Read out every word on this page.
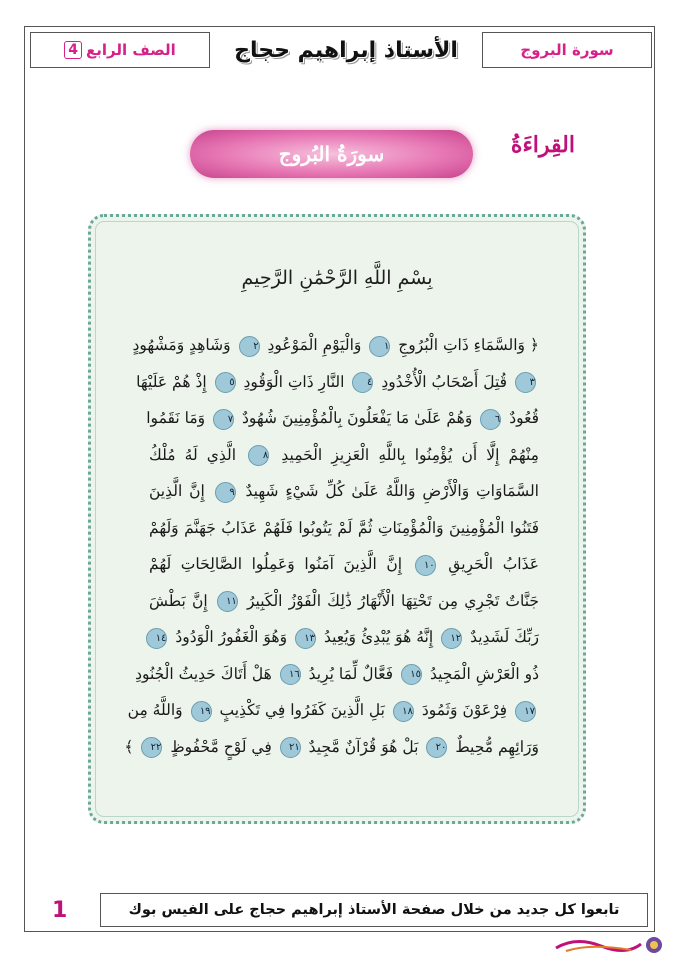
سورة البروج
الأستاذ إبراهيم حجاج
الصف الرابع
4
القِراءَةُ
سورَةُ البُروج
بِسْمِ اللَّهِ الرَّحْمَٰنِ الرَّحِيمِ
﴿ وَالسَّمَاءِ ذَاتِ الْبُرُوجِ ١ وَالْيَوْمِ الْمَوْعُودِ ٢ وَشَاهِدٍ وَمَشْهُودٍ
٣ قُتِلَ أَصْحَابُ الْأُخْدُودِ ٤ النَّارِ ذَاتِ الْوَقُودِ ٥ إِذْ هُمْ عَلَيْهَا
قُعُودٌ ٦ وَهُمْ عَلَىٰ مَا يَفْعَلُونَ بِالْمُؤْمِنِينَ شُهُودٌ ٧ وَمَا نَقَمُوا
مِنْهُمْ إِلَّا أَن يُؤْمِنُوا بِاللَّهِ الْعَزِيزِ الْحَمِيدِ ٨ الَّذِي لَهُ مُلْكُ
السَّمَاوَاتِ وَالْأَرْضِ وَاللَّهُ عَلَىٰ كُلِّ شَيْءٍ شَهِيدٌ ٩ إِنَّ الَّذِينَ
فَتَنُوا الْمُؤْمِنِينَ وَالْمُؤْمِنَاتِ ثُمَّ لَمْ يَتُوبُوا فَلَهُمْ عَذَابُ جَهَنَّمَ وَلَهُمْ
عَذَابُ الْحَرِيقِ ١٠ إِنَّ الَّذِينَ آمَنُوا وَعَمِلُوا الصَّالِحَاتِ لَهُمْ
جَنَّاتٌ تَجْرِي مِن تَحْتِهَا الْأَنْهَارُ ذَٰلِكَ الْفَوْزُ الْكَبِيرُ ١١ إِنَّ بَطْشَ
رَبِّكَ لَشَدِيدٌ ١٢ إِنَّهُ هُوَ يُبْدِئُ وَيُعِيدُ ١٣ وَهُوَ الْغَفُورُ الْوَدُودُ ١٤
ذُو الْعَرْشِ الْمَجِيدُ ١٥ فَعَّالٌ لِّمَا يُرِيدُ ١٦ هَلْ أَتَاكَ حَدِيثُ الْجُنُودِ
١٧ فِرْعَوْنَ وَثَمُودَ ١٨ بَلِ الَّذِينَ كَفَرُوا فِي تَكْذِيبٍ ١٩ وَاللَّهُ مِن
وَرَائِهِم مُّحِيطٌ ٢٠ بَلْ هُوَ قُرْآنٌ مَّجِيدٌ ٢١ فِي لَوْحٍ مَّحْفُوظٍ ٢٢ ﴾
1	تابعوا كل جديد من خلال صفحة الأستاذ إبراهيم حجاج على الفيس بوك
